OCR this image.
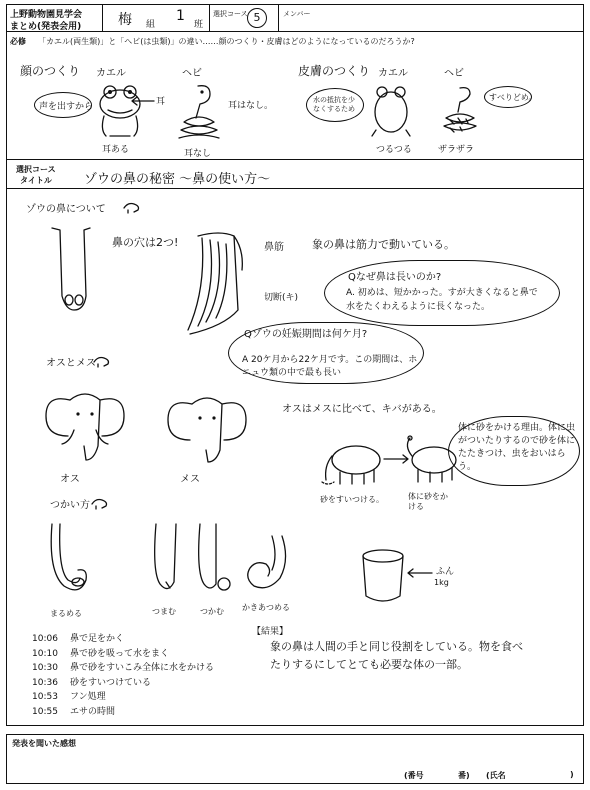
上野動物園見学会
まとめ(発表会用)	梅 組
1
班
選択コース 5	メンバー
必修 「カエル(両生類)」と「ヘビ(は虫類)」の違い……顔のつくり・皮膚はどのようになっているのだろうか?
顔のつくり カエル	ヘビ
声を出すから	耳
耳ある
耳はなし。
耳なし
皮膚のつくり カエル	ヘビ
水の抵抗を少なくするため
つるつる
すべりどめ。
ザラザラ
選択コース
タイトル ゾウの鼻の秘密 ～鼻の使い方～
ゾウの鼻について
鼻の穴は2つ!	鼻筋	象の鼻は筋力で動いている。
切断(キ)
Qなぜ鼻は長いのか?
A. 初めは、短かかった。すが大きくなると鼻で水をたくわえるように長くなった。
Qゾウの妊娠期間は何ケ月?
A 20ケ月から22ケ月です。この期間は、ホニュウ類の中で最も長い
オスとメス
オス	メス
オスはメスに比べて、キバがある。
体に砂をかける理由。体に虫がついたりするので砂を体にたたきつけ、虫をおいはらう。
砂をすいつける。	体に砂をかける
つかい方
まるめる	つまむ	つかむ かきあつめる
ふん
1kg
【結果】
象の鼻は人間の手と同じ役割をしている。物を食べたりするにしてとても必要な体の一部。
10:06 鼻で足をかく
10:10 鼻で砂を吸って水をまく
10:30 鼻で砂をすいこみ全体に水をかける
10:36 砂をすいつけている
10:53 フン処理
10:55 エサの時間
発表を聞いた感想
(番号	番) (氏名	)
